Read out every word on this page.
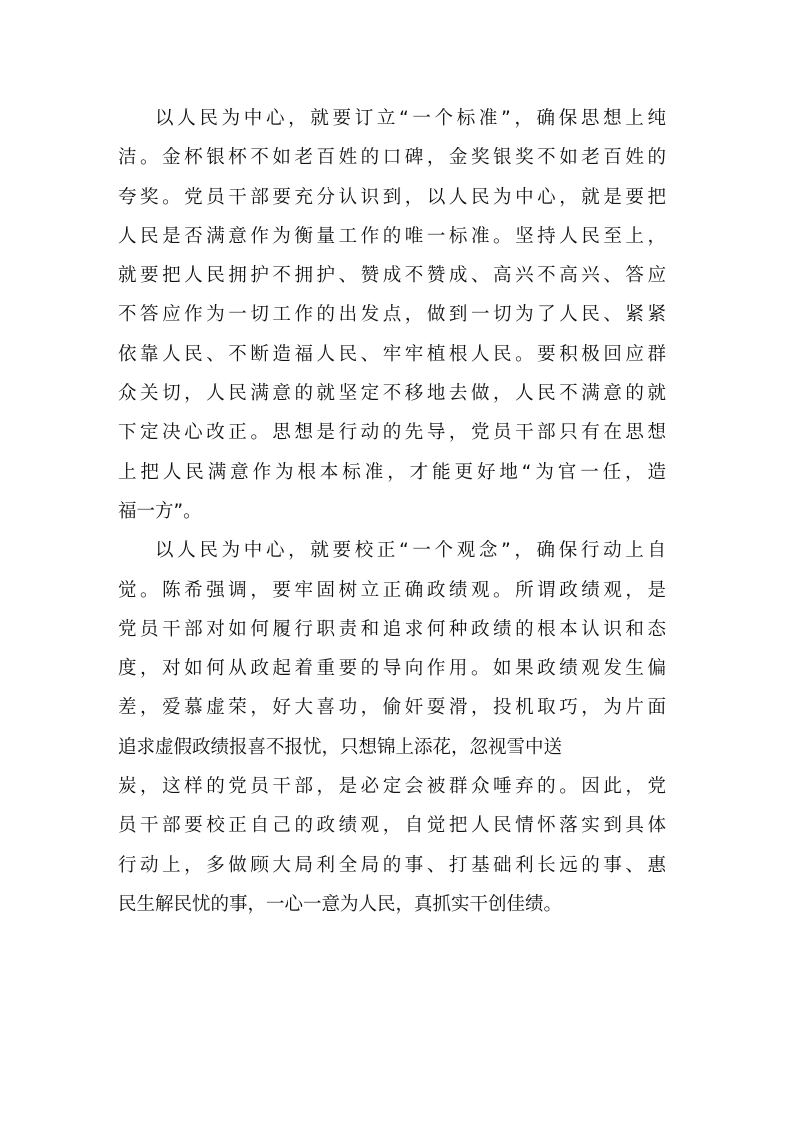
以人民为中心，就要订立“一个标准”，确保思想上纯
洁。金杯银杯不如老百姓的口碑，金奖银奖不如老百姓的
夸奖。党员干部要充分认识到，以人民为中心，就是要把
人民是否满意作为衡量工作的唯一标准。坚持人民至上，
就要把人民拥护不拥护、赞成不赞成、高兴不高兴、答应
不答应作为一切工作的出发点，做到一切为了人民、紧紧
依靠人民、不断造福人民、牢牢植根人民。要积极回应群
众关切，人民满意的就坚定不移地去做，人民不满意的就
下定决心改正。思想是行动的先导，党员干部只有在思想
上把人民满意作为根本标准，才能更好地“为官一任，造
福一方”。
以人民为中心，就要校正“一个观念”，确保行动上自
觉。陈希强调，要牢固树立正确政绩观。所谓政绩观，是
党员干部对如何履行职责和追求何种政绩的根本认识和态
度，对如何从政起着重要的导向作用。如果政绩观发生偏
差，爱慕虚荣，好大喜功，偷奸耍滑，投机取巧，为片面
追求虚假政绩报喜不报忧，只想锦上添花，忽视雪中送
炭，这样的党员干部，是必定会被群众唾弃的。因此，党
员干部要校正自己的政绩观，自觉把人民情怀落实到具体
行动上，多做顾大局利全局的事、打基础利长远的事、惠
民生解民忧的事，一心一意为人民，真抓实干创佳绩。
